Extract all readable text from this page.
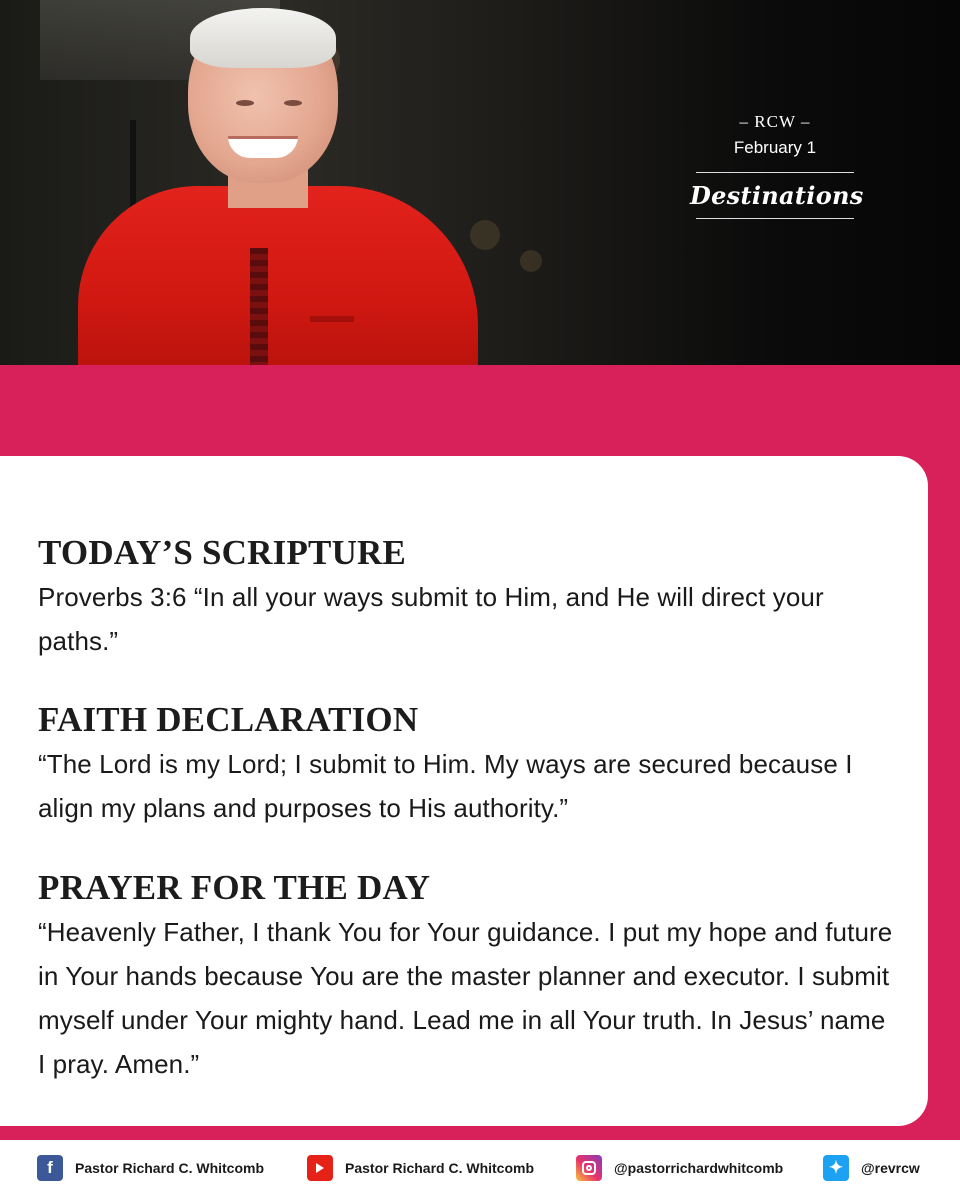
– RCW –
February 1
Destinations
TODAY’S SCRIPTURE

Proverbs 3:6 “In all your ways submit to Him, and He will direct your paths.”

FAITH DECLARATION

“The Lord is my Lord; I submit to Him. My ways are secured because I align my plans and purposes to His authority.”

PRAYER FOR THE DAY

“Heavenly Father, I thank You for Your guidance. I put my hope and future in Your hands because You are the master planner and executor. I submit myself under Your mighty hand. Lead me in all Your truth. In Jesus’ name I pray. Amen.”

f	Pastor Richard C. Whitcomb	Pastor Richard C. Whitcomb	@pastorrichardwhitcomb	✦	@revrcw
